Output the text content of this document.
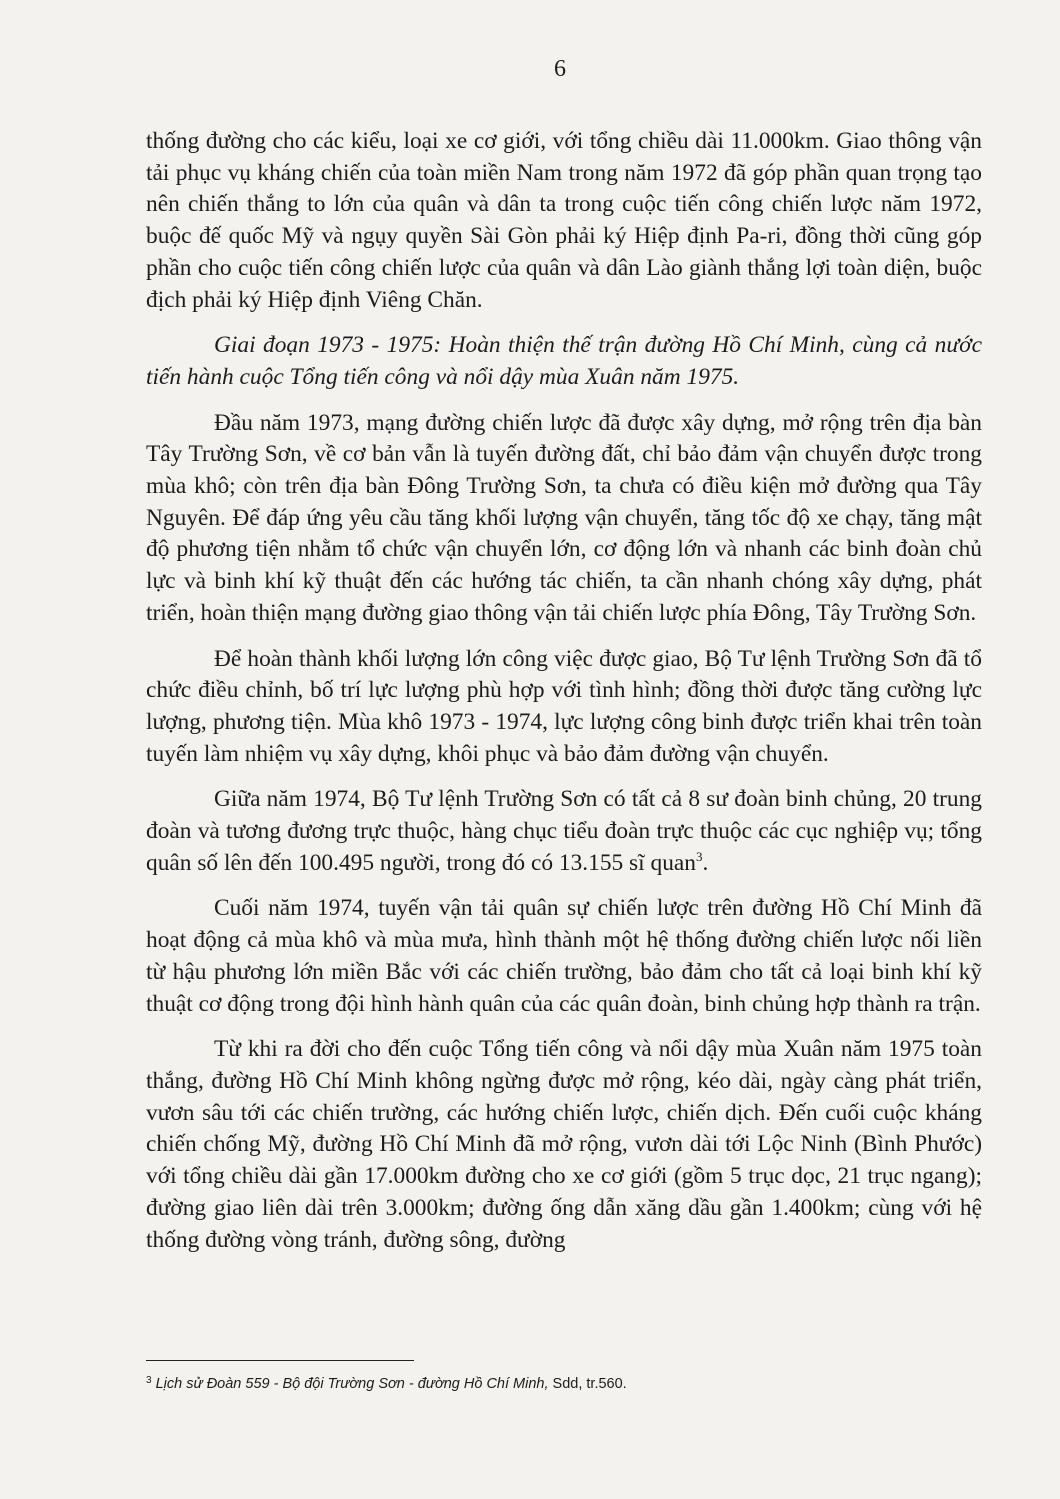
6

thống đường cho các kiểu, loại xe cơ giới, với tổng chiều dài 11.000km. Giao thông vận tải phục vụ kháng chiến của toàn miền Nam trong năm 1972 đã góp phần quan trọng tạo nên chiến thắng to lớn của quân và dân ta trong cuộc tiến công chiến lược năm 1972, buộc đế quốc Mỹ và ngụy quyền Sài Gòn phải ký Hiệp định Pa-ri, đồng thời cũng góp phần cho cuộc tiến công chiến lược của quân và dân Lào giành thắng lợi toàn diện, buộc địch phải ký Hiệp định Viêng Chăn.

Giai đoạn 1973 - 1975: Hoàn thiện thế trận đường Hồ Chí Minh, cùng cả nước tiến hành cuộc Tổng tiến công và nổi dậy mùa Xuân năm 1975.

Đầu năm 1973, mạng đường chiến lược đã được xây dựng, mở rộng trên địa bàn Tây Trường Sơn, về cơ bản vẫn là tuyến đường đất, chỉ bảo đảm vận chuyển được trong mùa khô; còn trên địa bàn Đông Trường Sơn, ta chưa có điều kiện mở đường qua Tây Nguyên. Để đáp ứng yêu cầu tăng khối lượng vận chuyển, tăng tốc độ xe chạy, tăng mật độ phương tiện nhằm tổ chức vận chuyển lớn, cơ động lớn và nhanh các binh đoàn chủ lực và binh khí kỹ thuật đến các hướng tác chiến, ta cần nhanh chóng xây dựng, phát triển, hoàn thiện mạng đường giao thông vận tải chiến lược phía Đông, Tây Trường Sơn.

Để hoàn thành khối lượng lớn công việc được giao, Bộ Tư lệnh Trường Sơn đã tổ chức điều chỉnh, bố trí lực lượng phù hợp với tình hình; đồng thời được tăng cường lực lượng, phương tiện. Mùa khô 1973 - 1974, lực lượng công binh được triển khai trên toàn tuyến làm nhiệm vụ xây dựng, khôi phục và bảo đảm đường vận chuyển.

Giữa năm 1974, Bộ Tư lệnh Trường Sơn có tất cả 8 sư đoàn binh chủng, 20 trung đoàn và tương đương trực thuộc, hàng chục tiểu đoàn trực thuộc các cục nghiệp vụ; tổng quân số lên đến 100.495 người, trong đó có 13.155 sĩ quan$^3$.

Cuối năm 1974, tuyến vận tải quân sự chiến lược trên đường Hồ Chí Minh đã hoạt động cả mùa khô và mùa mưa, hình thành một hệ thống đường chiến lược nối liền từ hậu phương lớn miền Bắc với các chiến trường, bảo đảm cho tất cả loại binh khí kỹ thuật cơ động trong đội hình hành quân của các quân đoàn, binh chủng hợp thành ra trận.

Từ khi ra đời cho đến cuộc Tổng tiến công và nổi dậy mùa Xuân năm 1975 toàn thắng, đường Hồ Chí Minh không ngừng được mở rộng, kéo dài, ngày càng phát triển, vươn sâu tới các chiến trường, các hướng chiến lược, chiến dịch. Đến cuối cuộc kháng chiến chống Mỹ, đường Hồ Chí Minh đã mở rộng, vươn dài tới Lộc Ninh (Bình Phước) với tổng chiều dài gần 17.000km đường cho xe cơ giới (gồm 5 trục dọc, 21 trục ngang); đường giao liên dài trên 3.000km; đường ống dẫn xăng dầu gần 1.400km; cùng với hệ thống đường vòng tránh, đường sông, đường

$^3$ Lịch sử Đoàn 559 - Bộ đội Trường Sơn - đường Hồ Chí Minh, Sdd, tr.560.
